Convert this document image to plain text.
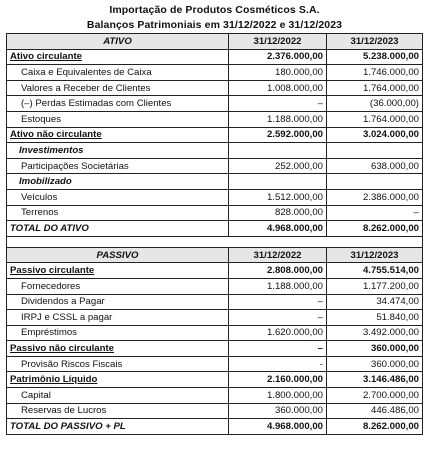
Importação de Produtos Cosméticos S.A.
Balanços Patrimoniais em 31/12/2022 e 31/12/2023
ATIVO	31/12/2022	31/12/2023
Ativo circulante	2.376.000,00	5.238.000,00
Caixa e Equivalentes de Caixa	180.000,00	1.746.000,00
Valores a Receber de Clientes	1.008.000,00	1.764.000,00
(–) Perdas Estimadas com Clientes	–	(36.000,00)
Estoques	1.188.000,00	1.764.000,00
Ativo não circulante	2.592.000,00	3.024.000,00
Investimentos		
Participações Societárias	252.000,00	638.000,00
Imobilizado		
Veículos	1.512.000,00	2.386.000,00
Terrenos	828.000,00	–
TOTAL DO ATIVO	4.968.000,00	8.262.000,00

PASSIVO	31/12/2022	31/12/2023
Passivo circulante	2.808.000,00	4.755.514,00
Fornecedores	1.188.000,00	1.177.200,00
Dividendos a Pagar	–	34.474,00
IRPJ e CSSL a pagar	–	51.840,00
Empréstimos	1.620.000,00	3.492.000,00
Passivo não circulante	–	360.000,00
Provisão Riscos Fiscais	-	360.000,00
Patrimônio Líquido	2.160.000,00	3.146.486,00
Capital	1.800.000,00	2.700.000,00
Reservas de Lucros	360.000,00	446.486,00
TOTAL DO PASSIVO + PL	4.968.000,00	8.262.000,00
